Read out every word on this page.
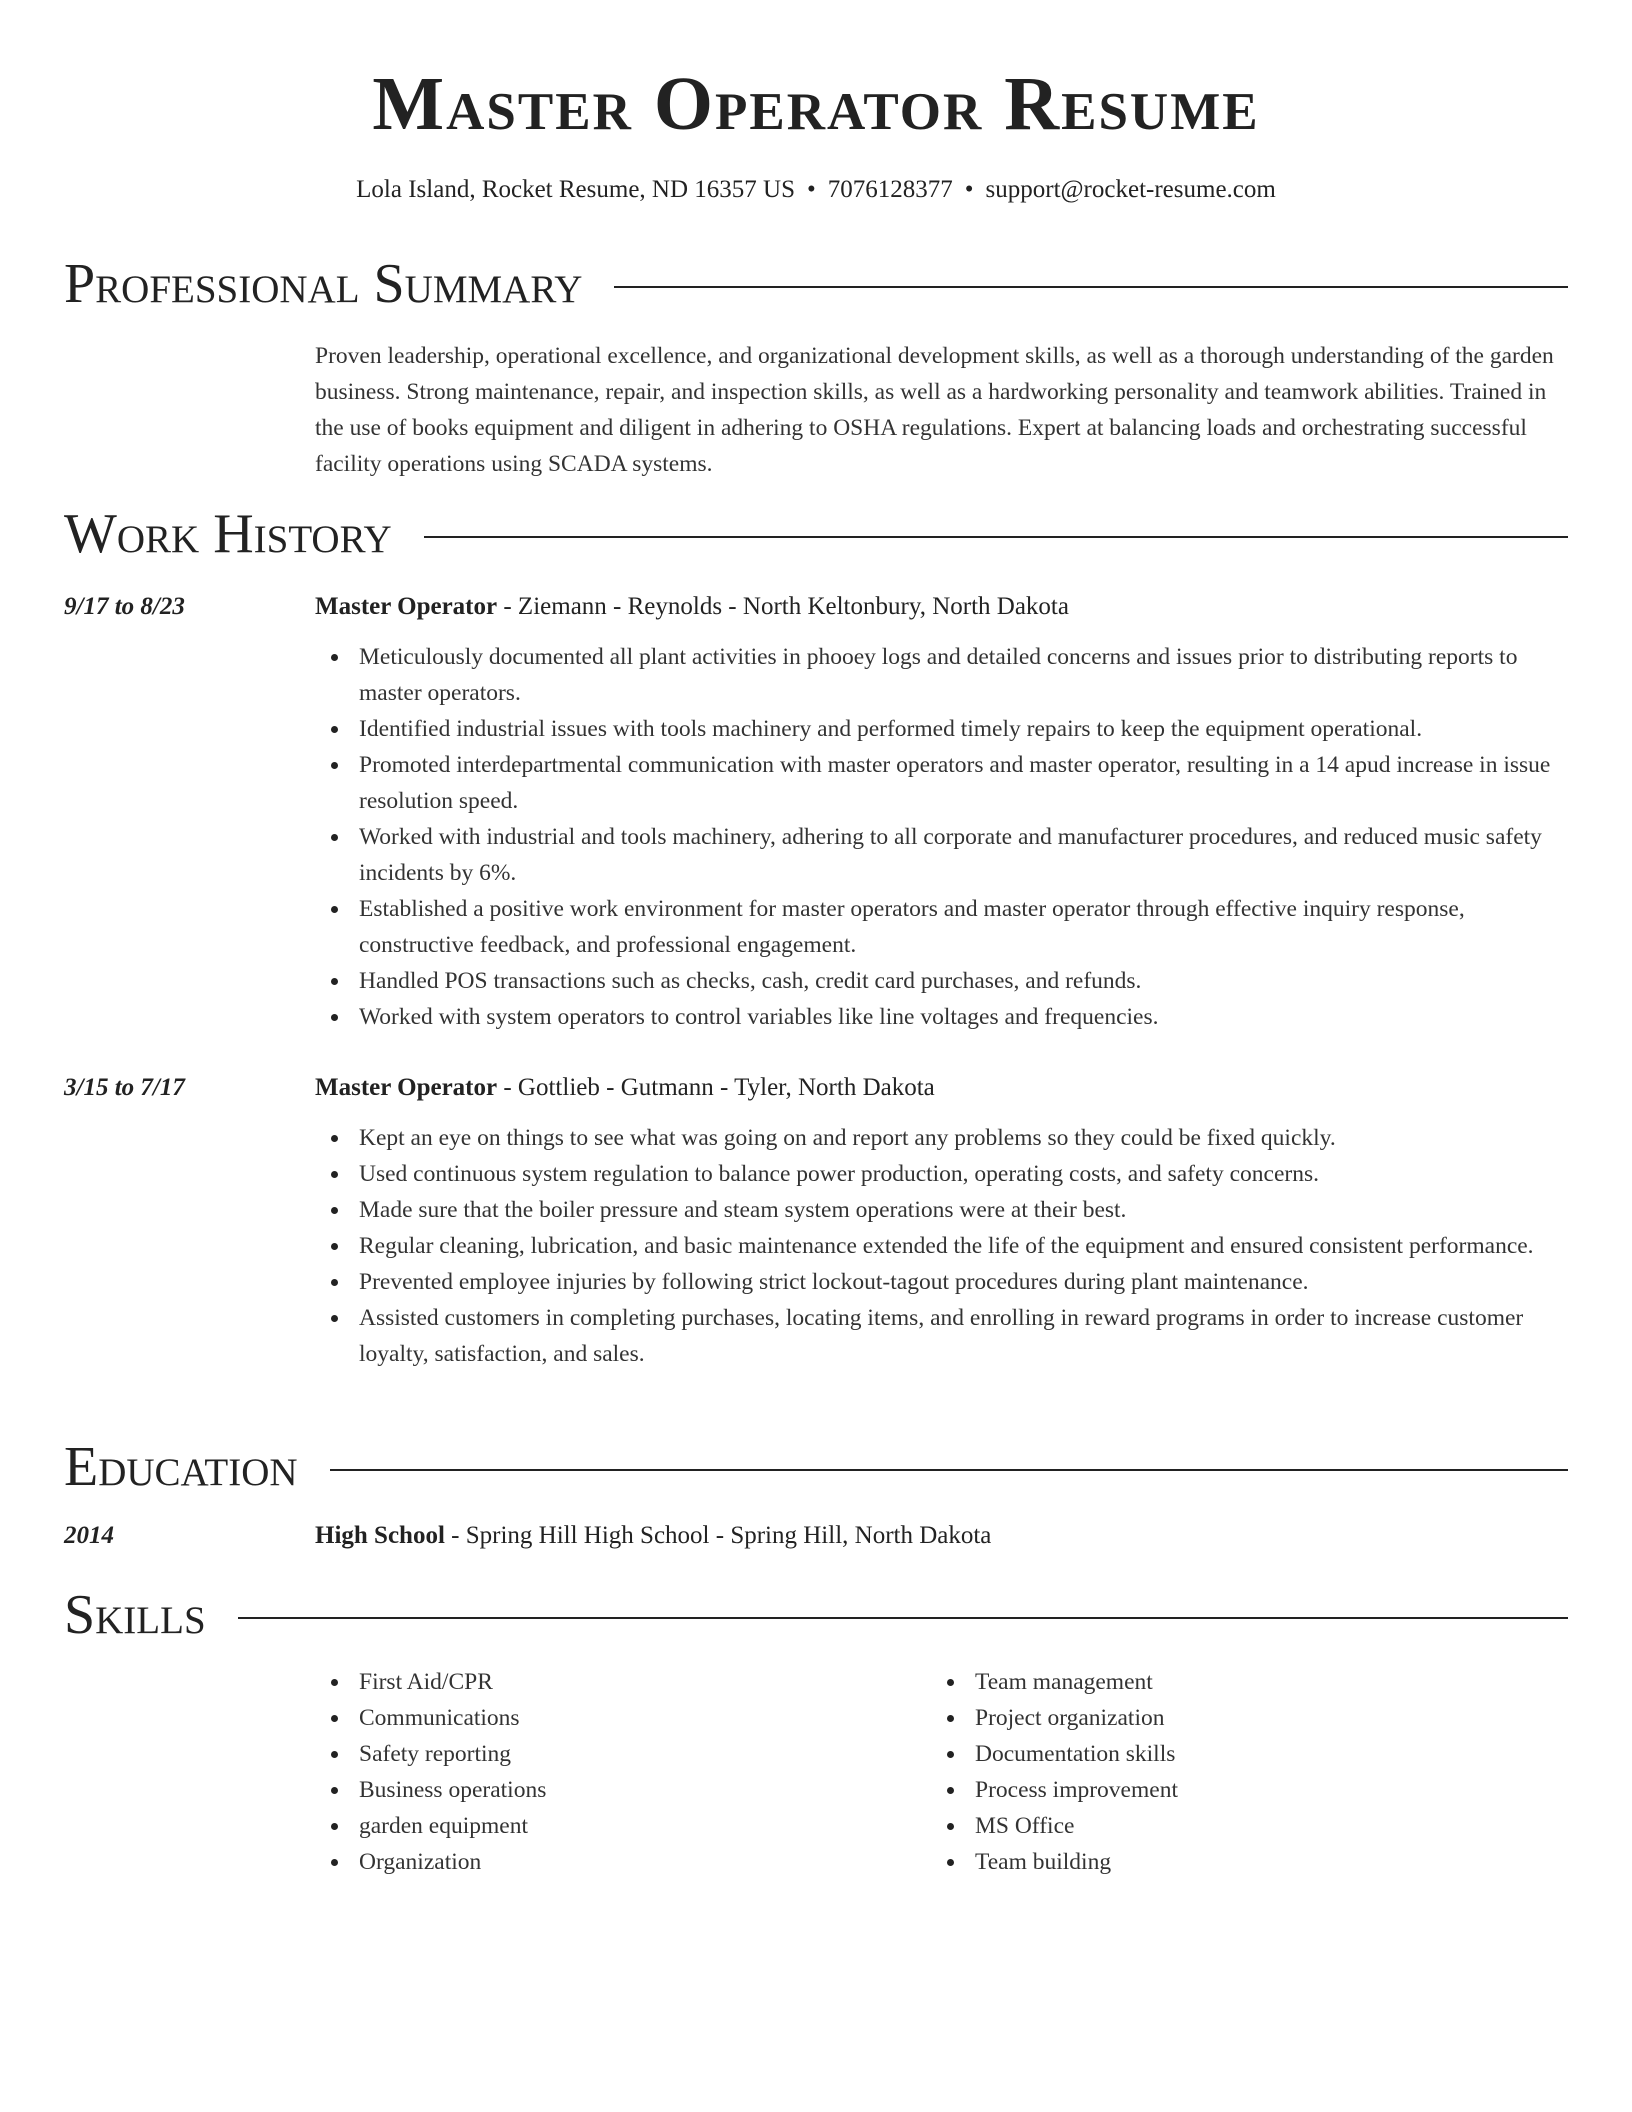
Master Operator Resume
Lola Island, Rocket Resume, ND 16357 US • 7076128377 • support@rocket-resume.com
Professional Summary

Proven leadership, operational excellence, and organizational development skills, as well as a thorough understanding of the garden business. Strong maintenance, repair, and inspection skills, as well as a hardworking personality and teamwork abilities. Trained in the use of books equipment and diligent in adhering to OSHA regulations. Expert at balancing loads and orchestrating successful facility operations using SCADA systems.

Work History
9/17 to 8/23	Master Operator - Ziemann - Reynolds - North Keltonbury, North Dakota
Meticulously documented all plant activities in phooey logs and detailed concerns and issues prior to distributing reports to master operators.
Identified industrial issues with tools machinery and performed timely repairs to keep the equipment operational.
Promoted interdepartmental communication with master operators and master operator, resulting in a 14 apud increase in issue resolution speed.
Worked with industrial and tools machinery, adhering to all corporate and manufacturer procedures, and reduced music safety incidents by 6%.
Established a positive work environment for master operators and master operator through effective inquiry response, constructive feedback, and professional engagement.
Handled POS transactions such as checks, cash, credit card purchases, and refunds.
Worked with system operators to control variables like line voltages and frequencies.
3/15 to 7/17	Master Operator - Gottlieb - Gutmann - Tyler, North Dakota
Kept an eye on things to see what was going on and report any problems so they could be fixed quickly.
Used continuous system regulation to balance power production, operating costs, and safety concerns.
Made sure that the boiler pressure and steam system operations were at their best.
Regular cleaning, lubrication, and basic maintenance extended the life of the equipment and ensured consistent performance.
Prevented employee injuries by following strict lockout-tagout procedures during plant maintenance.
Assisted customers in completing purchases, locating items, and enrolling in reward programs in order to increase customer loyalty, satisfaction, and sales.
Education
2014	High School - Spring Hill High School - Spring Hill, North Dakota
Skills
First Aid/CPR
Communications
Safety reporting
Business operations
garden equipment
Organization
Team management
Project organization
Documentation skills
Process improvement
MS Office
Team building
